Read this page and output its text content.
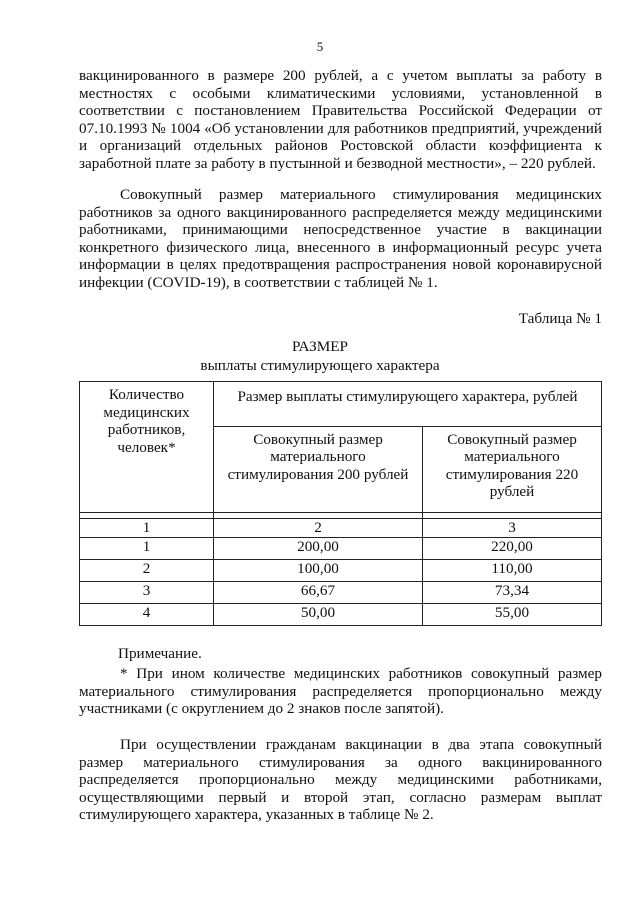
5

вакцинированного в размере 200 рублей, а с учетом выплаты за работу в местностях с особыми климатическими условиями, установленной в соответствии с постановлением Правительства Российской Федерации от 07.10.1993 № 1004 «Об установлении для работников предприятий, учреждений и организаций отдельных районов Ростовской области коэффициента к заработной плате за работу в пустынной и безводной местности», – 220 рублей.

Совокупный размер материального стимулирования медицинских работников за одного вакцинированного распределяется между медицинскими работниками, принимающими непосредственное участие в вакцинации конкретного физического лица, внесенного в информационный ресурс учета информации в целях предотвращения распространения новой коронавирусной инфекции (COVID-19), в соответствии с таблицей № 1.

Таблица № 1
РАЗМЕР
выплаты стимулирующего характера
Количество медицинских работников, человек*	Размер выплаты стимулирующего характера, рублей	
	Совокупный размер материального стимулирования 200 рублей	Совокупный размер материального стимулирования 220 рублей

1	2	3
1	200,00	220,00
2	100,00	110,00
3	66,67	73,34
4	50,00	55,00
Примечание.

* При ином количестве медицинских работников совокупный размер материального стимулирования распределяется пропорционально между участниками (с округлением до 2 знаков после запятой).

При осуществлении гражданам вакцинации в два этапа совокупный размер материального стимулирования за одного вакцинированного распределяется пропорционально между медицинскими работниками, осуществляющими первый и второй этап, согласно размерам выплат стимулирующего характера, указанных в таблице № 2.
